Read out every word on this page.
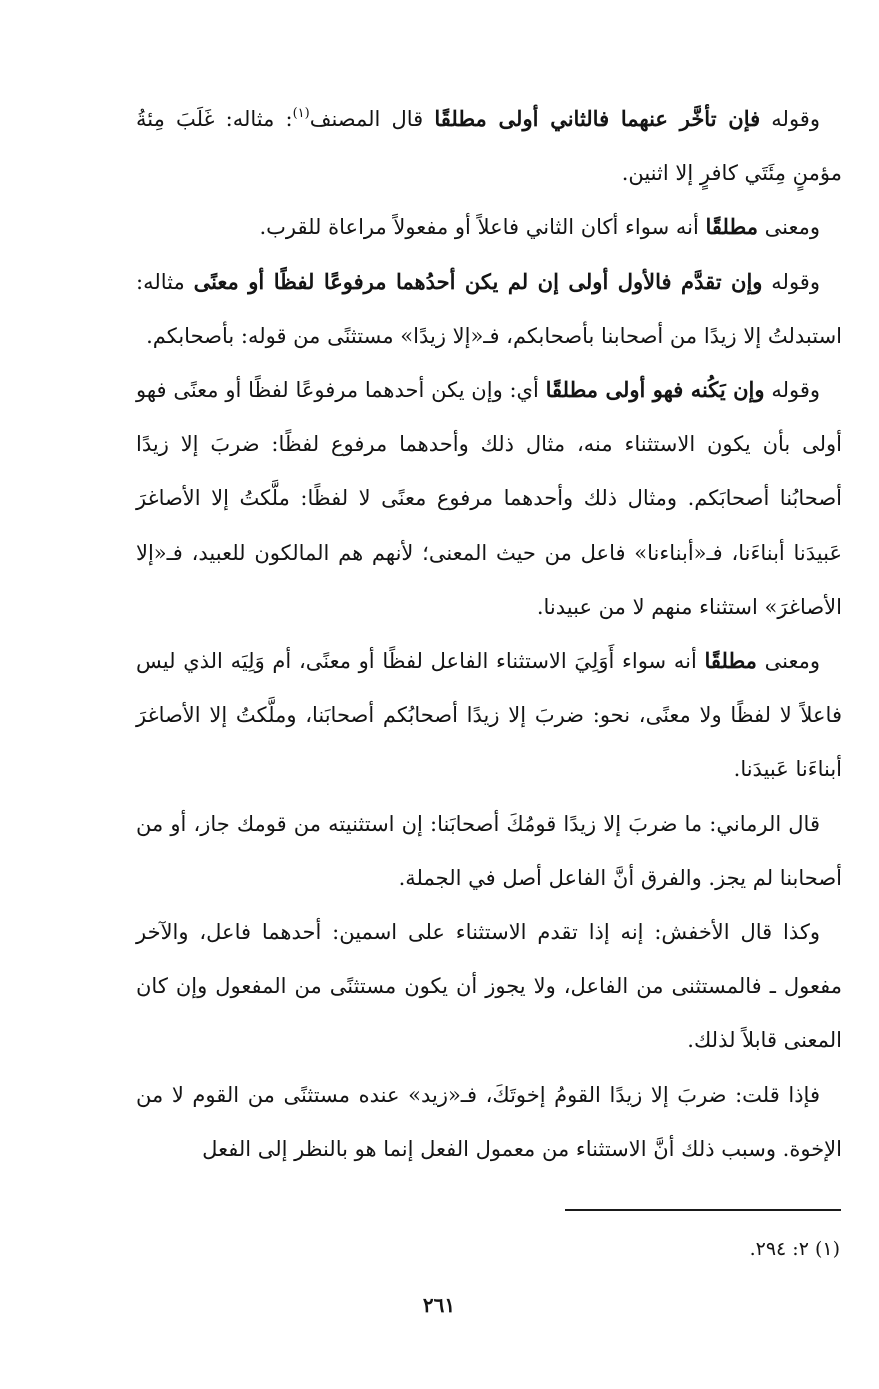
وقوله فإن تأخَّر عنهما فالثاني أولى مطلقًا قال المصنف$^{(١)}$: مثاله: غَلَبَ مِئةُ مؤمنٍ مِئَتَي كافرٍ إلا اثنين.

ومعنى مطلقًا أنه سواء أكان الثاني فاعلاً أو مفعولاً مراعاة للقرب.

وقوله وإن تقدَّم فالأول أولى إن لم يكن أحدُهما مرفوعًا لفظًا أو معنًى مثاله: استبدلتُ إلا زيدًا من أصحابنا بأصحابكم، فـ«إلا زيدًا» مستثنًى من قوله: بأصحابكم.

وقوله وإن يَكُنه فهو أولى مطلقًا أي: وإن يكن أحدهما مرفوعًا لفظًا أو معنًى فهو أولى بأن يكون الاستثناء منه، مثال ذلك وأحدهما مرفوع لفظًا: ضربَ إلا زيدًا أصحابُنا أصحابَكم. ومثال ذلك وأحدهما مرفوع معنًى لا لفظًا: ملَّكتُ إلا الأصاغرَ عَبيدَنا أبناءَنا، فـ«أبناءنا» فاعل من حيث المعنى؛ لأنهم هم المالكون للعبيد، فـ«إلا الأصاغرَ» استثناء منهم لا من عبيدنا.

ومعنى مطلقًا أنه سواء أَوَلِيَ الاستثناء الفاعل لفظًا أو معنًى، أم وَلِيَه الذي ليس فاعلاً لا لفظًا ولا معنًى، نحو: ضربَ إلا زيدًا أصحابُكم أصحابَنا، وملَّكتُ إلا الأصاغرَ أبناءَنا عَبيدَنا.

قال الرماني: ما ضربَ إلا زيدًا قومُكَ أصحابَنا: إن استثنيته من قومك جاز، أو من أصحابنا لم يجز. والفرق أنَّ الفاعل أصل في الجملة.

وكذا قال الأخفش: إنه إذا تقدم الاستثناء على اسمين: أحدهما فاعل، والآخر مفعول ـ فالمستثنى من الفاعل، ولا يجوز أن يكون مستثنًى من المفعول وإن كان المعنى قابلاً لذلك.

فإذا قلت: ضربَ إلا زيدًا القومُ إخوتَكَ، فـ«زيد» عنده مستثنًى من القوم لا من الإخوة. وسبب ذلك أنَّ الاستثناء من معمول الفعل إنما هو بالنظر إلى الفعل

(١) ٢: ٢٩٤.
٢٦١
